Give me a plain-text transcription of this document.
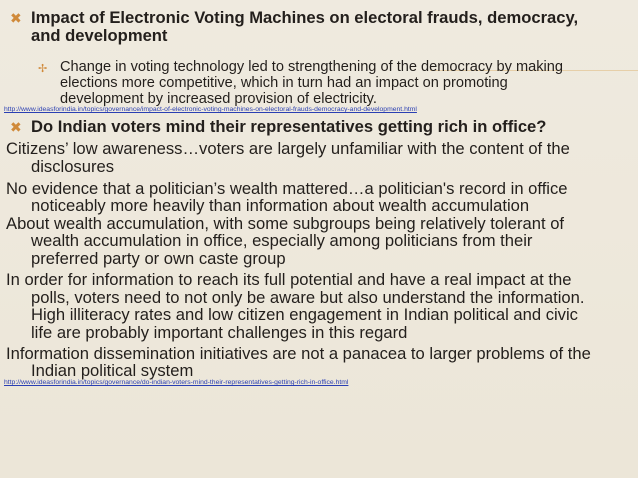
✖ Impact of Electronic Voting Machines on electoral frauds, democracy,

and development

✢ Change in voting technology led to strengthening of the democracy by making

elections more competitive, which in turn had an impact on promoting

development by increased provision of electricity.

http://www.ideasforindia.in/topics/governance/impact-of-electronic-voting-machines-on-electoral-frauds-democracy-and-development.html
✖ Do Indian voters mind their representatives getting rich in office?

Citizens’ low awareness…voters are largely unfamiliar with the content of the

disclosures

No evidence that a politician’s wealth mattered…a politician's record in office

noticeably more heavily than information about wealth accumulation

About wealth accumulation, with some subgroups being relatively tolerant of

wealth accumulation in office, especially among politicians from their

preferred party or own caste group

In order for information to reach its full potential and have a real impact at the

polls, voters need to not only be aware but also understand the information.

High illiteracy rates and low citizen engagement in Indian political and civic

life are probably important challenges in this regard

Information dissemination initiatives are not a panacea to larger problems of the

Indian political system

http://www.ideasforindia.in/topics/governance/do-indian-voters-mind-their-representatives-getting-rich-in-office.html
